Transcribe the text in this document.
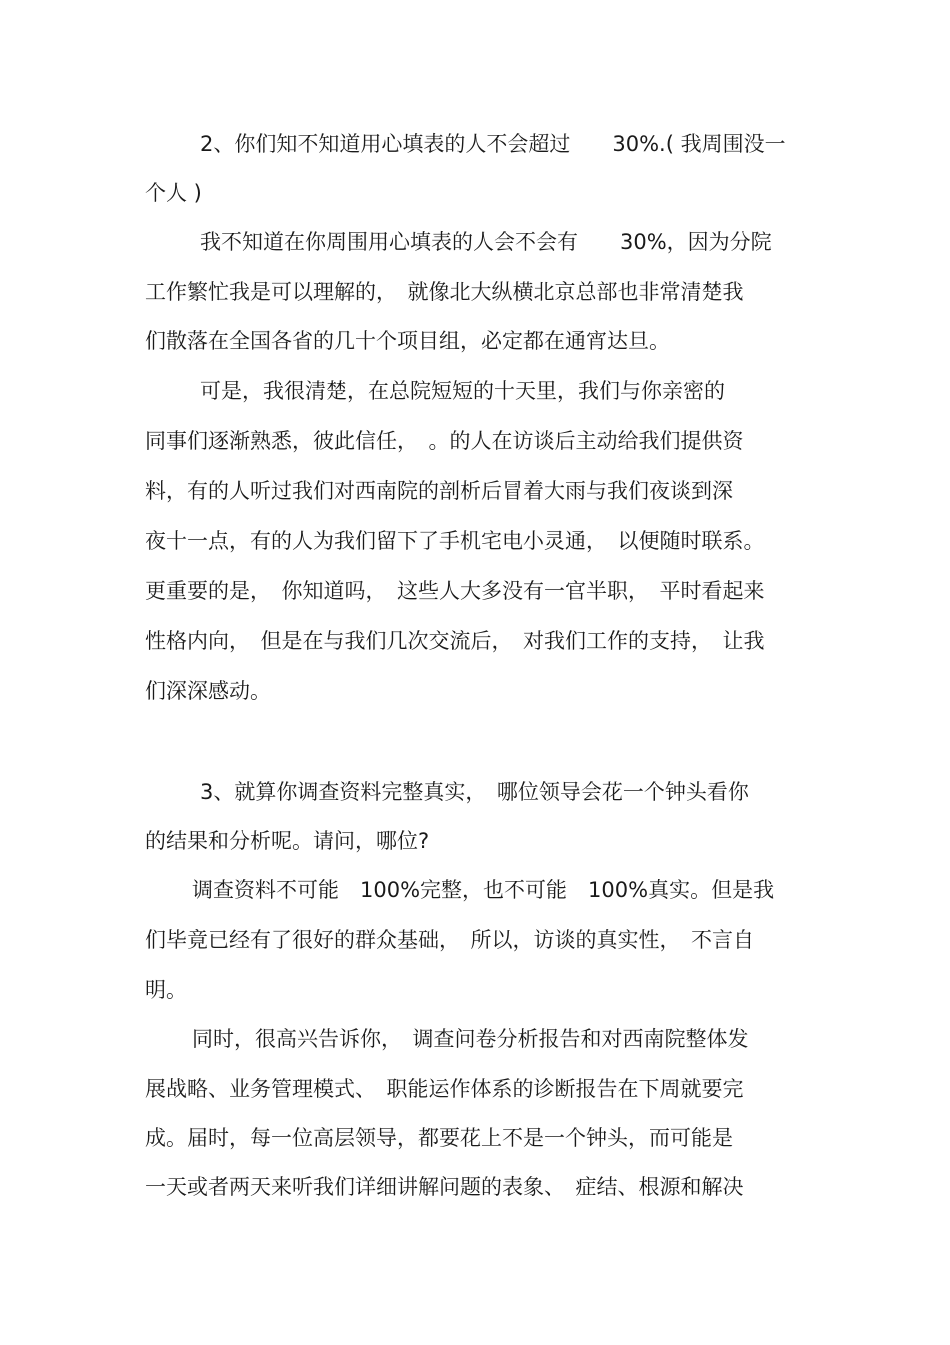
2、你们知不知道用心填表的人不会超过　　30%.( 我周围没一
个人 )
我不知道在你周围用心填表的人会不会有　　30%，因为分院
工作繁忙我是可以理解的，　就像北大纵横北京总部也非常清楚我
们散落在全国各省的几十个项目组，必定都在通宵达旦。
可是，我很清楚，在总院短短的十天里，我们与你亲密的
同事们逐渐熟悉，彼此信任，　。的人在访谈后主动给我们提供资
料，有的人听过我们对西南院的剖析后冒着大雨与我们夜谈到深
夜十一点，有的人为我们留下了手机宅电小灵通，　以便随时联系。
更重要的是，　你知道吗，　这些人大多没有一官半职，　平时看起来
性格内向，　但是在与我们几次交流后，　对我们工作的支持，　让我
们深深感动。
3、就算你调查资料完整真实，　哪位领导会花一个钟头看你
的结果和分析呢。请问，哪位?
调查资料不可能　100%完整，也不可能　100%真实。但是我
们毕竟已经有了很好的群众基础，　所以，访谈的真实性，　不言自
明。
同时，很高兴告诉你，　调查问卷分析报告和对西南院整体发
展战略、业务管理模式、　职能运作体系的诊断报告在下周就要完
成。届时，每一位高层领导，都要花上不是一个钟头，而可能是
一天或者两天来听我们详细讲解问题的表象、　症结、根源和解决
